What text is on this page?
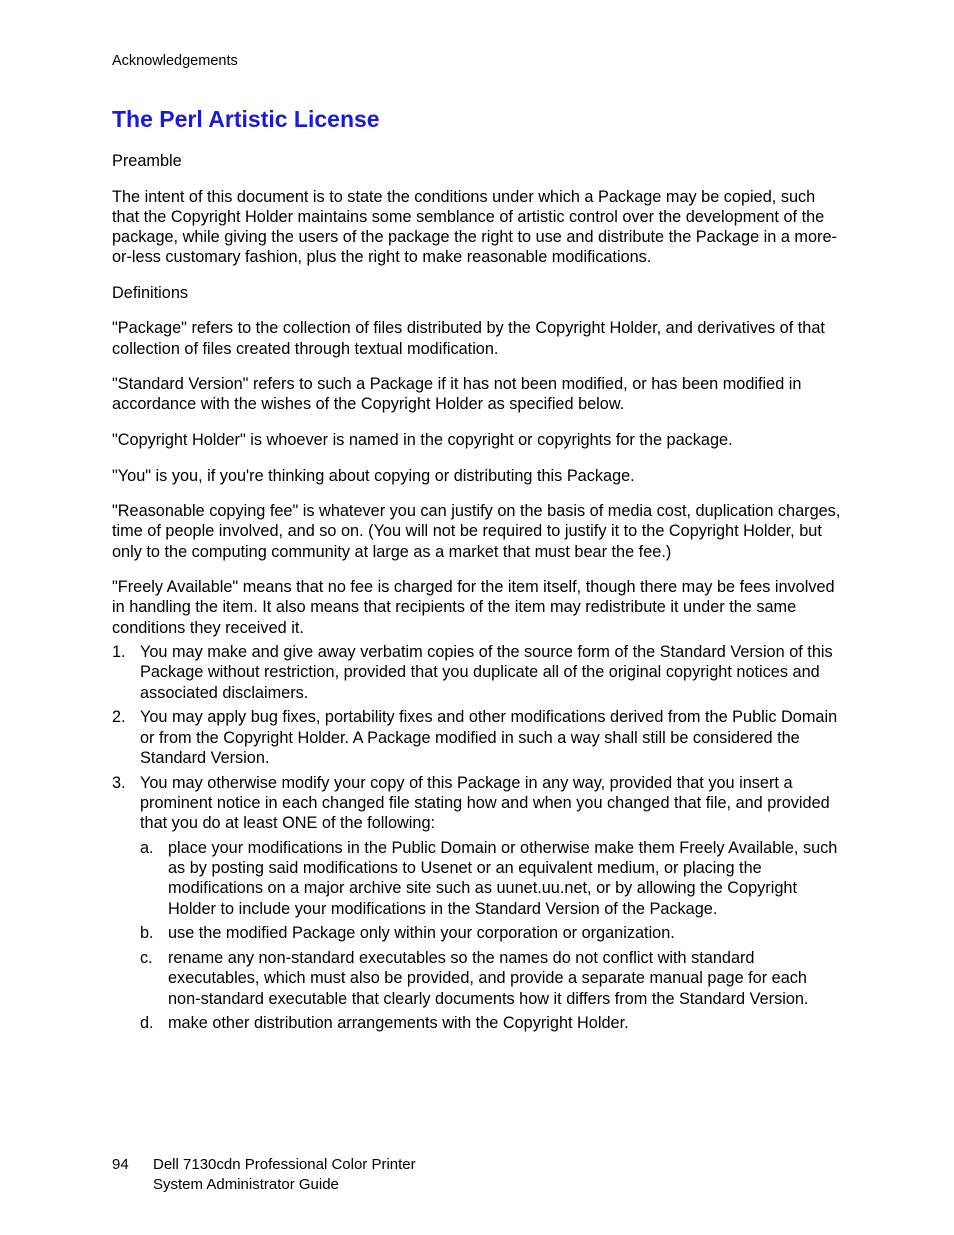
Acknowledgements
The Perl Artistic License

Preamble

The intent of this document is to state the conditions under which a Package may be copied, such that the Copyright Holder maintains some semblance of artistic control over the development of the package, while giving the users of the package the right to use and distribute the Package in a more-or-less customary fashion, plus the right to make reasonable modifications.

Definitions

"Package" refers to the collection of files distributed by the Copyright Holder, and derivatives of that collection of files created through textual modification.

"Standard Version" refers to such a Package if it has not been modified, or has been modified in accordance with the wishes of the Copyright Holder as specified below.

"Copyright Holder" is whoever is named in the copyright or copyrights for the package.

"You" is you, if you're thinking about copying or distributing this Package.

"Reasonable copying fee" is whatever you can justify on the basis of media cost, duplication charges, time of people involved, and so on. (You will not be required to justify it to the Copyright Holder, but only to the computing community at large as a market that must bear the fee.)

"Freely Available" means that no fee is charged for the item itself, though there may be fees involved in handling the item. It also means that recipients of the item may redistribute it under the same conditions they received it.

1. You may make and give away verbatim copies of the source form of the Standard Version of this Package without restriction, provided that you duplicate all of the original copyright notices and associated disclaimers.
2. You may apply bug fixes, portability fixes and other modifications derived from the Public Domain or from the Copyright Holder. A Package modified in such a way shall still be considered the Standard Version.
3. You may otherwise modify your copy of this Package in any way, provided that you insert a prominent notice in each changed file stating how and when you changed that file, and provided that you do at least ONE of the following:
a. place your modifications in the Public Domain or otherwise make them Freely Available, such as by posting said modifications to Usenet or an equivalent medium, or placing the modifications on a major archive site such as uunet.uu.net, or by allowing the Copyright Holder to include your modifications in the Standard Version of the Package.
b. use the modified Package only within your corporation or organization.
c. rename any non-standard executables so the names do not conflict with standard executables, which must also be provided, and provide a separate manual page for each non-standard executable that clearly documents how it differs from the Standard Version.
d. make other distribution arrangements with the Copyright Holder.
94	Dell 7130cdn Professional Color Printer
System Administrator Guide
